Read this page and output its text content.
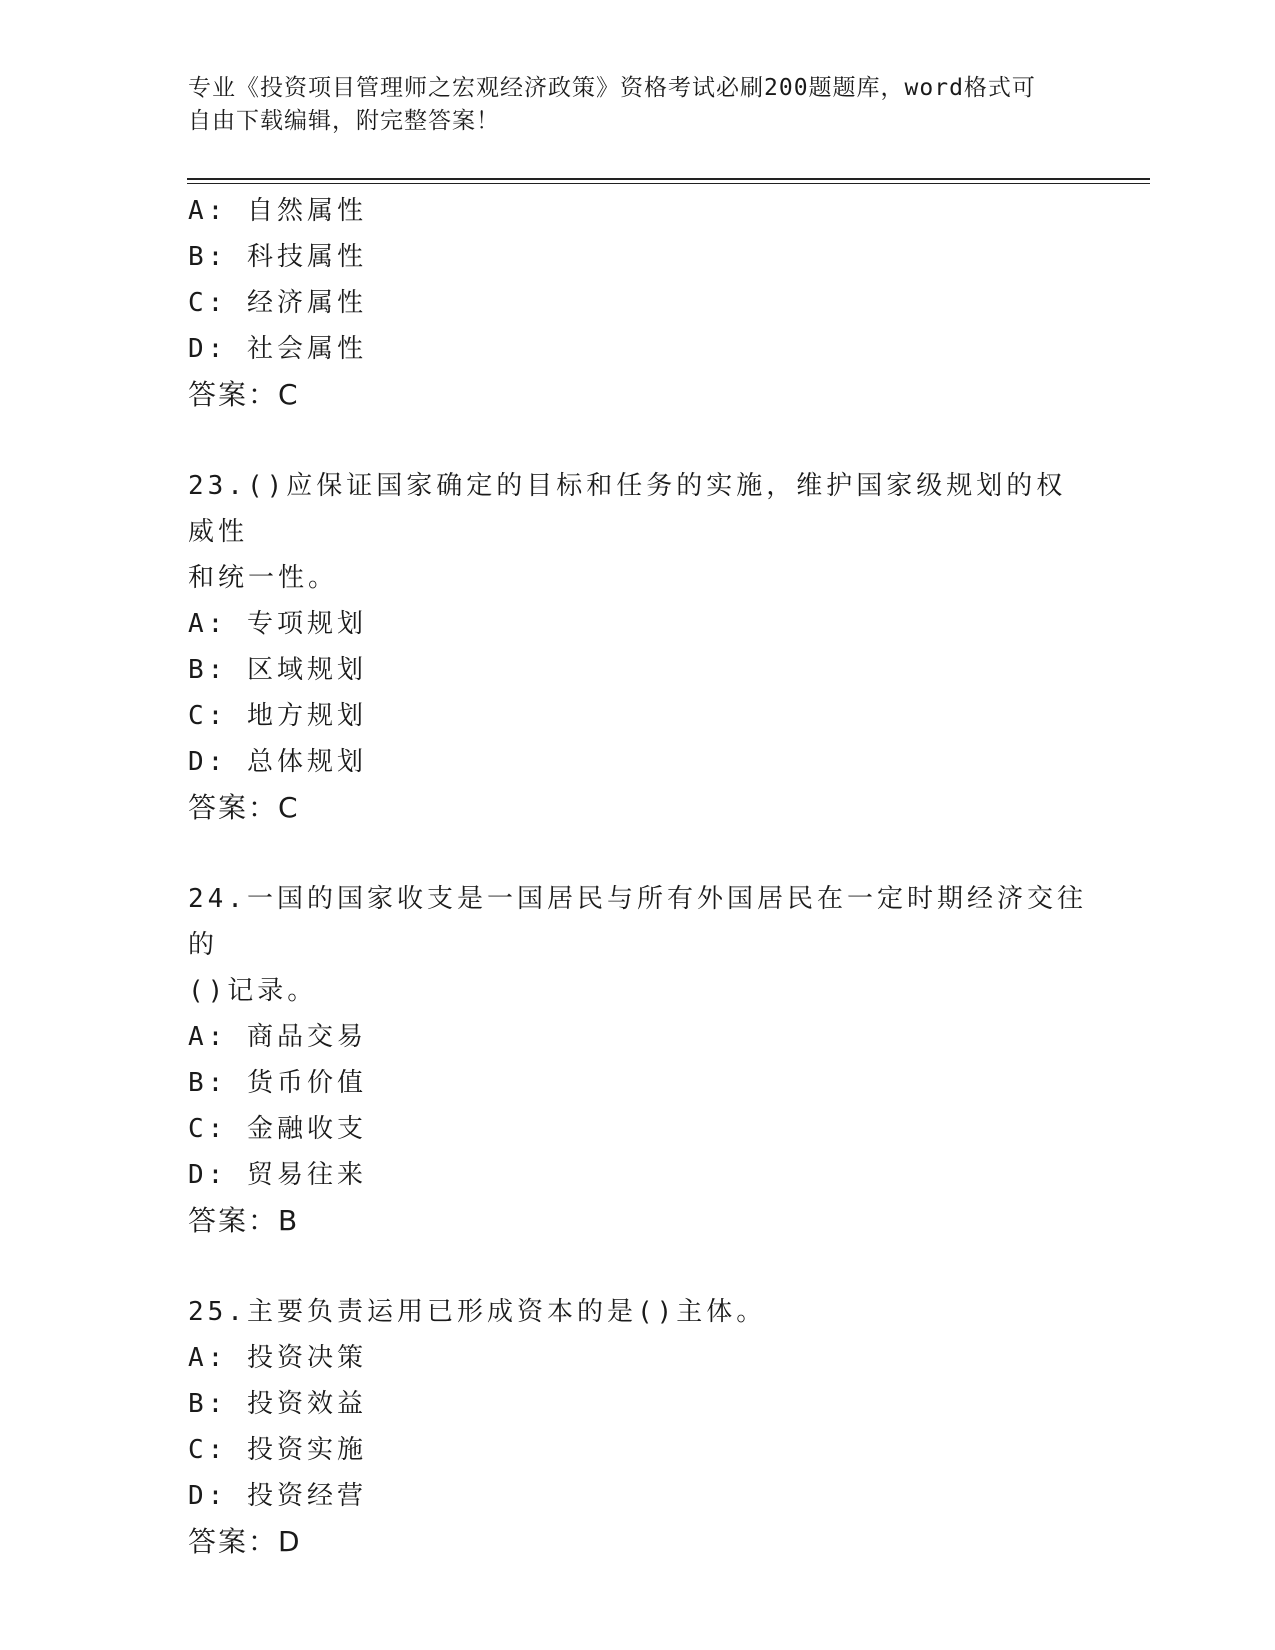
专业《投资项目管理师之宏观经济政策》资格考试必刷200题题库，word格式可
自由下载编辑，附完整答案！
A: 自然属性
B: 科技属性
C: 经济属性
D: 社会属性
答案：C
23.()应保证国家确定的目标和任务的实施，维护国家级规划的权威性
和统一性。
A: 专项规划
B: 区域规划
C: 地方规划
D: 总体规划
答案：C
24.一国的国家收支是一国居民与所有外国居民在一定时期经济交往的
()记录。
A: 商品交易
B: 货币价值
C: 金融收支
D: 贸易往来
答案：B
25.主要负责运用已形成资本的是()主体。
A: 投资决策
B: 投资效益
C: 投资实施
D: 投资经营
答案：D
